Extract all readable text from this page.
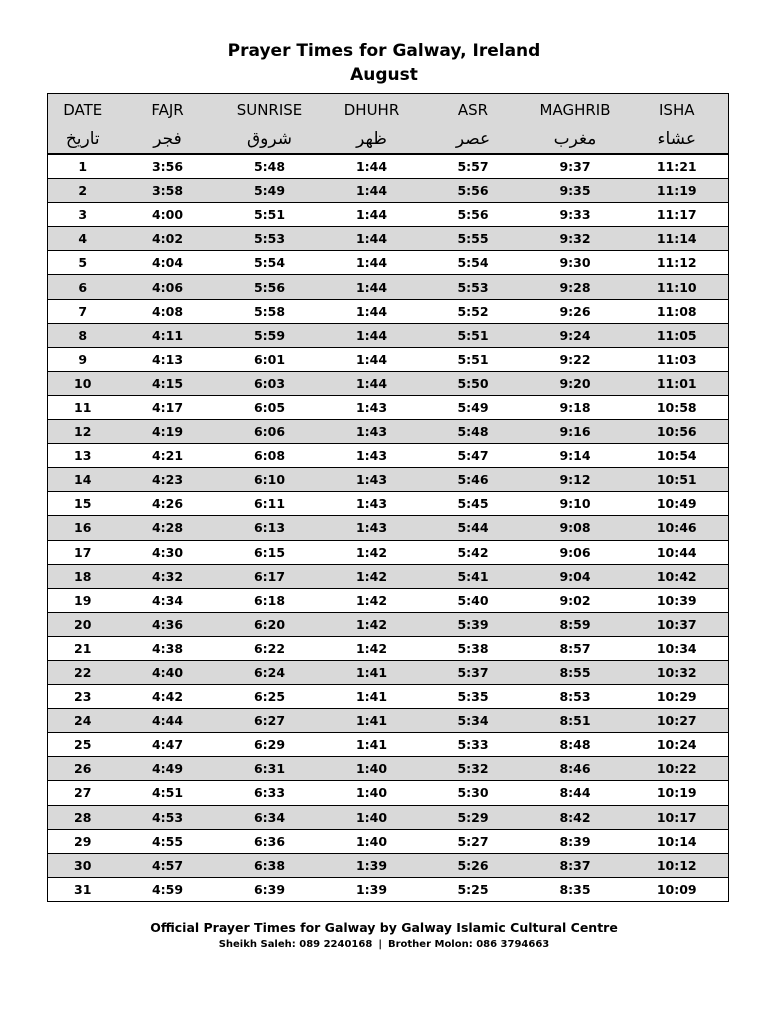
Prayer Times for Galway, Ireland
August
DATE	FAJR	SUNRISE	DHUHR	ASR	MAGHRIB	ISHA
تاريخ	فجر	شروق	ظهر	عصر	مغرب	عشاء
1	3:56	5:48	1:44	5:57	9:37	11:21
2	3:58	5:49	1:44	5:56	9:35	11:19
3	4:00	5:51	1:44	5:56	9:33	11:17
4	4:02	5:53	1:44	5:55	9:32	11:14
5	4:04	5:54	1:44	5:54	9:30	11:12
6	4:06	5:56	1:44	5:53	9:28	11:10
7	4:08	5:58	1:44	5:52	9:26	11:08
8	4:11	5:59	1:44	5:51	9:24	11:05
9	4:13	6:01	1:44	5:51	9:22	11:03
10	4:15	6:03	1:44	5:50	9:20	11:01
11	4:17	6:05	1:43	5:49	9:18	10:58
12	4:19	6:06	1:43	5:48	9:16	10:56
13	4:21	6:08	1:43	5:47	9:14	10:54
14	4:23	6:10	1:43	5:46	9:12	10:51
15	4:26	6:11	1:43	5:45	9:10	10:49
16	4:28	6:13	1:43	5:44	9:08	10:46
17	4:30	6:15	1:42	5:42	9:06	10:44
18	4:32	6:17	1:42	5:41	9:04	10:42
19	4:34	6:18	1:42	5:40	9:02	10:39
20	4:36	6:20	1:42	5:39	8:59	10:37
21	4:38	6:22	1:42	5:38	8:57	10:34
22	4:40	6:24	1:41	5:37	8:55	10:32
23	4:42	6:25	1:41	5:35	8:53	10:29
24	4:44	6:27	1:41	5:34	8:51	10:27
25	4:47	6:29	1:41	5:33	8:48	10:24
26	4:49	6:31	1:40	5:32	8:46	10:22
27	4:51	6:33	1:40	5:30	8:44	10:19
28	4:53	6:34	1:40	5:29	8:42	10:17
29	4:55	6:36	1:40	5:27	8:39	10:14
30	4:57	6:38	1:39	5:26	8:37	10:12
31	4:59	6:39	1:39	5:25	8:35	10:09
Official Prayer Times for Galway by Galway Islamic Cultural Centre
Sheikh Saleh: 089 2240168 | Brother Molon: 086 3794663
